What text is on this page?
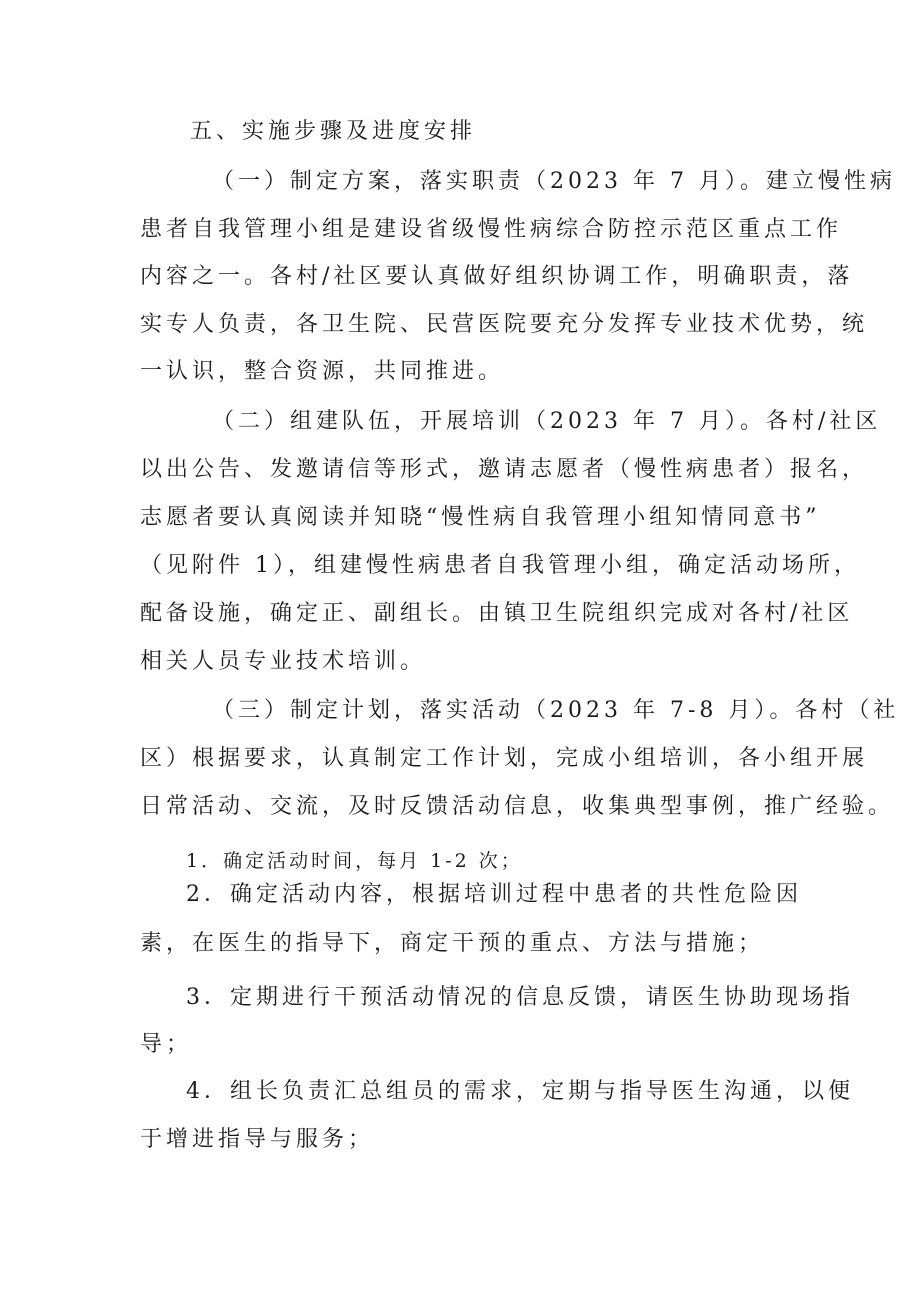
五、实施步骤及进度安排
（一）制定方案，落实职责（2023 年 7 月）。建立慢性病
患者自我管理小组是建设省级慢性病综合防控示范区重点工作
内容之一。各村/社区要认真做好组织协调工作，明确职责，落
实专人负责，各卫生院、民营医院要充分发挥专业技术优势，统
一认识，整合资源，共同推进。
（二）组建队伍，开展培训（2023 年 7 月）。各村/社区
以出公告、发邀请信等形式，邀请志愿者（慢性病患者）报名，
志愿者要认真阅读并知晓“慢性病自我管理小组知情同意书”
（见附件 1），组建慢性病患者自我管理小组，确定活动场所，
配备设施，确定正、副组长。由镇卫生院组织完成对各村/社区
相关人员专业技术培训。
（三）制定计划，落实活动（2023 年 7-8 月）。各村（社
区）根据要求，认真制定工作计划，完成小组培训，各小组开展
日常活动、交流，及时反馈活动信息，收集典型事例，推广经验。
1．确定活动时间，每月 1-2 次；
2．确定活动内容，根据培训过程中患者的共性危险因
素，在医生的指导下，商定干预的重点、方法与措施；
3．定期进行干预活动情况的信息反馈，请医生协助现场指
导；
4．组长负责汇总组员的需求，定期与指导医生沟通，以便
于增进指导与服务；
